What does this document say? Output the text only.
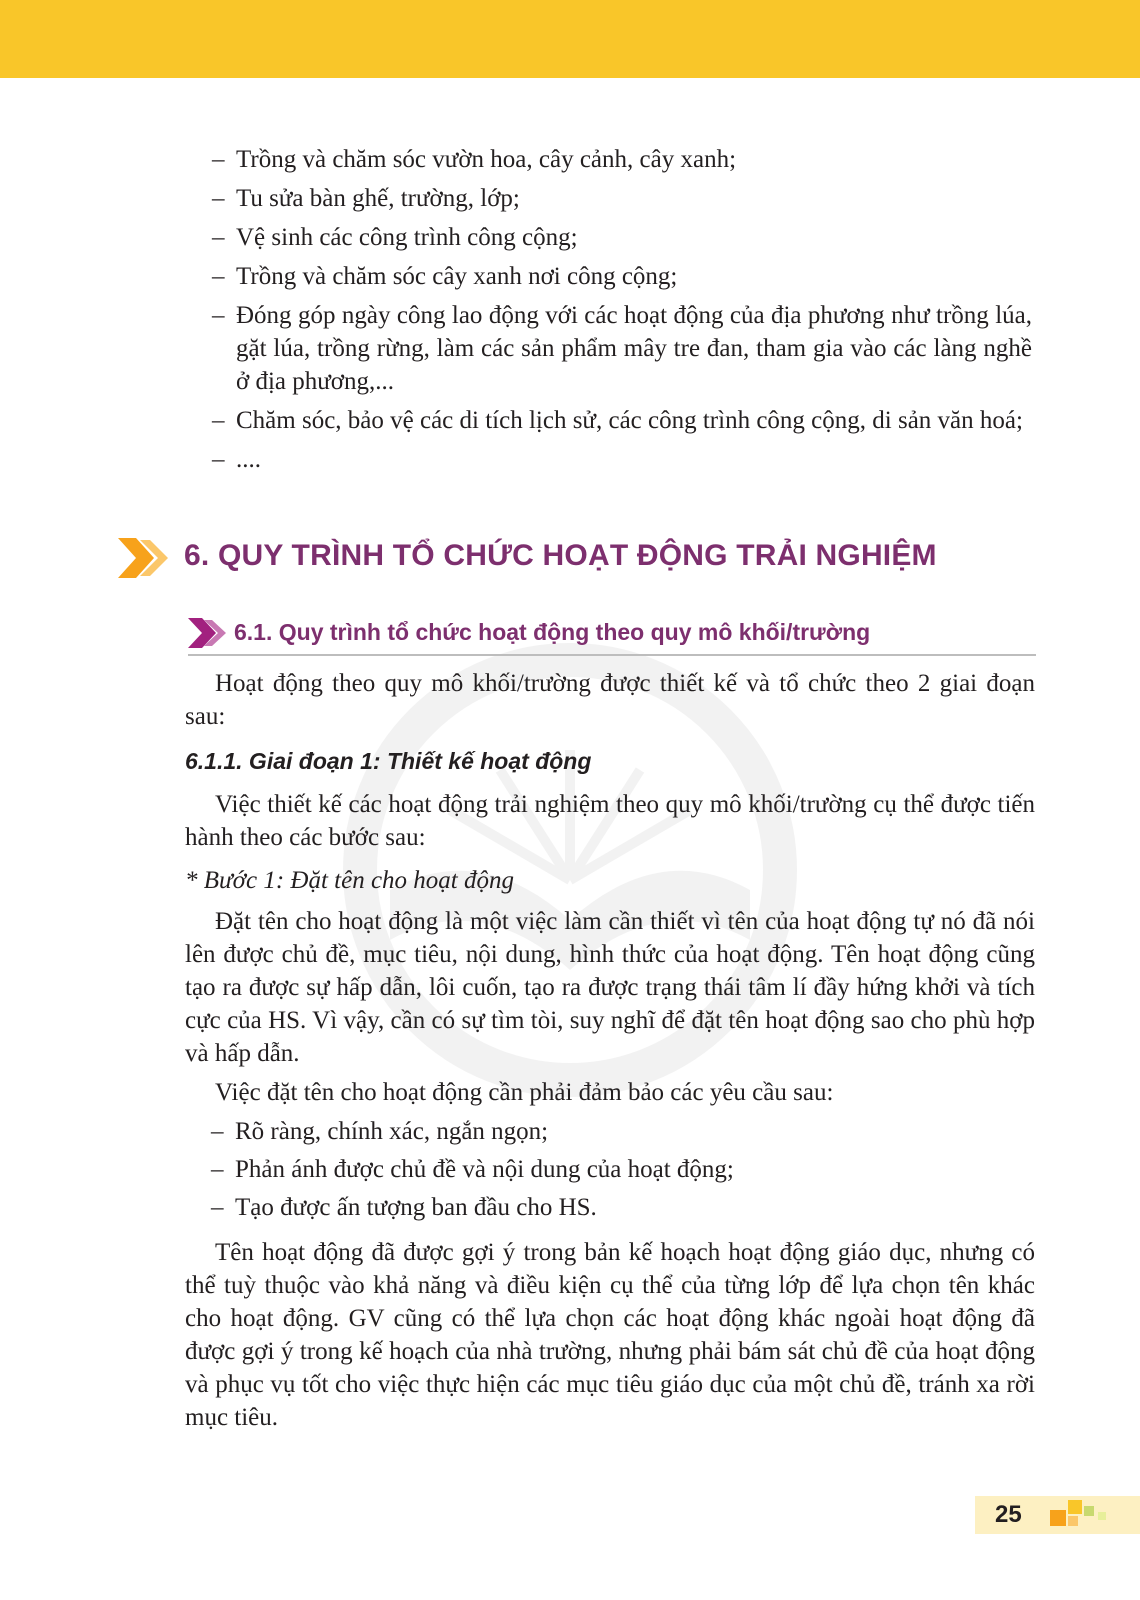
– Trồng và chăm sóc vườn hoa, cây cảnh, cây xanh;
– Tu sửa bàn ghế, trường, lớp;
– Vệ sinh các công trình công cộng;
– Trồng và chăm sóc cây xanh nơi công cộng;
– Đóng góp ngày công lao động với các hoạt động của địa phương như trồng lúa, gặt lúa, trồng rừng, làm các sản phẩm mây tre đan, tham gia vào các làng nghề ở địa phương,...
– Chăm sóc, bảo vệ các di tích lịch sử, các công trình công cộng, di sản văn hoá;
– ....
6. QUY TRÌNH TỔ CHỨC HOẠT ĐỘNG TRẢI NGHIỆM
6.1. Quy trình tổ chức hoạt động theo quy mô khối/trường

Hoạt động theo quy mô khối/trường được thiết kế và tổ chức theo 2 giai đoạn sau:

6.1.1. Giai đoạn 1: Thiết kế hoạt động

Việc thiết kế các hoạt động trải nghiệm theo quy mô khối/trường cụ thể được tiến hành theo các bước sau:

* Bước 1: Đặt tên cho hoạt động

Đặt tên cho hoạt động là một việc làm cần thiết vì tên của hoạt động tự nó đã nói lên được chủ đề, mục tiêu, nội dung, hình thức của hoạt động. Tên hoạt động cũng tạo ra được sự hấp dẫn, lôi cuốn, tạo ra được trạng thái tâm lí đầy hứng khởi và tích cực của HS. Vì vậy, cần có sự tìm tòi, suy nghĩ để đặt tên hoạt động sao cho phù hợp và hấp dẫn.

Việc đặt tên cho hoạt động cần phải đảm bảo các yêu cầu sau:

– Rõ ràng, chính xác, ngắn ngọn;
– Phản ánh được chủ đề và nội dung của hoạt động;
– Tạo được ấn tượng ban đầu cho HS.

Tên hoạt động đã được gợi ý trong bản kế hoạch hoạt động giáo dục, nhưng có thể tuỳ thuộc vào khả năng và điều kiện cụ thể của từng lớp để lựa chọn tên khác cho hoạt động. GV cũng có thể lựa chọn các hoạt động khác ngoài hoạt động đã được gợi ý trong kế hoạch của nhà trường, nhưng phải bám sát chủ đề của hoạt động và phục vụ tốt cho việc thực hiện các mục tiêu giáo dục của một chủ đề, tránh xa rời mục tiêu.

25
